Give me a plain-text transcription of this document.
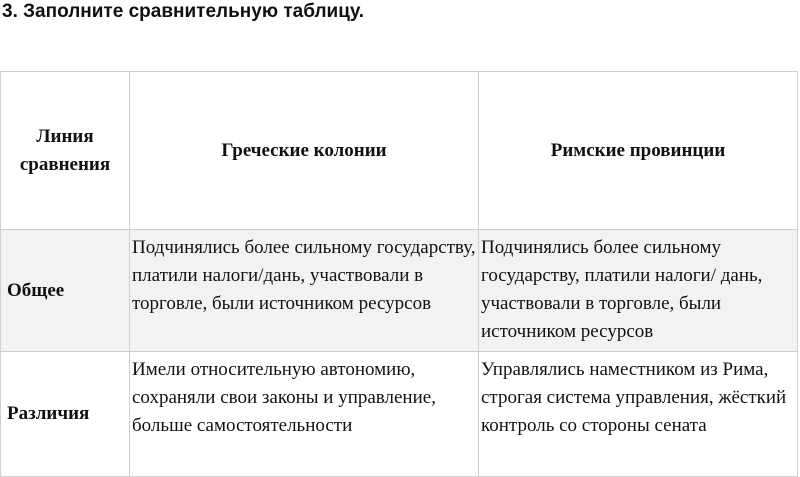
3. Заполните сравнительную таблицу.
Линия сравнения	Греческие колонии	Римские провинции
Общее	Подчинялись более сильному государству, платили налоги/дань, участвовали в торговле, были источником ресурсов	Подчинялись более сильному государству, платили налоги/ дань, участвовали в торговле, были источником ресурсов
Различия	Имели относительную автономию, сохраняли свои законы и управление, больше самостоятельности	Управлялись наместником из Рима, строгая система управления, жёсткий контроль со стороны сената
